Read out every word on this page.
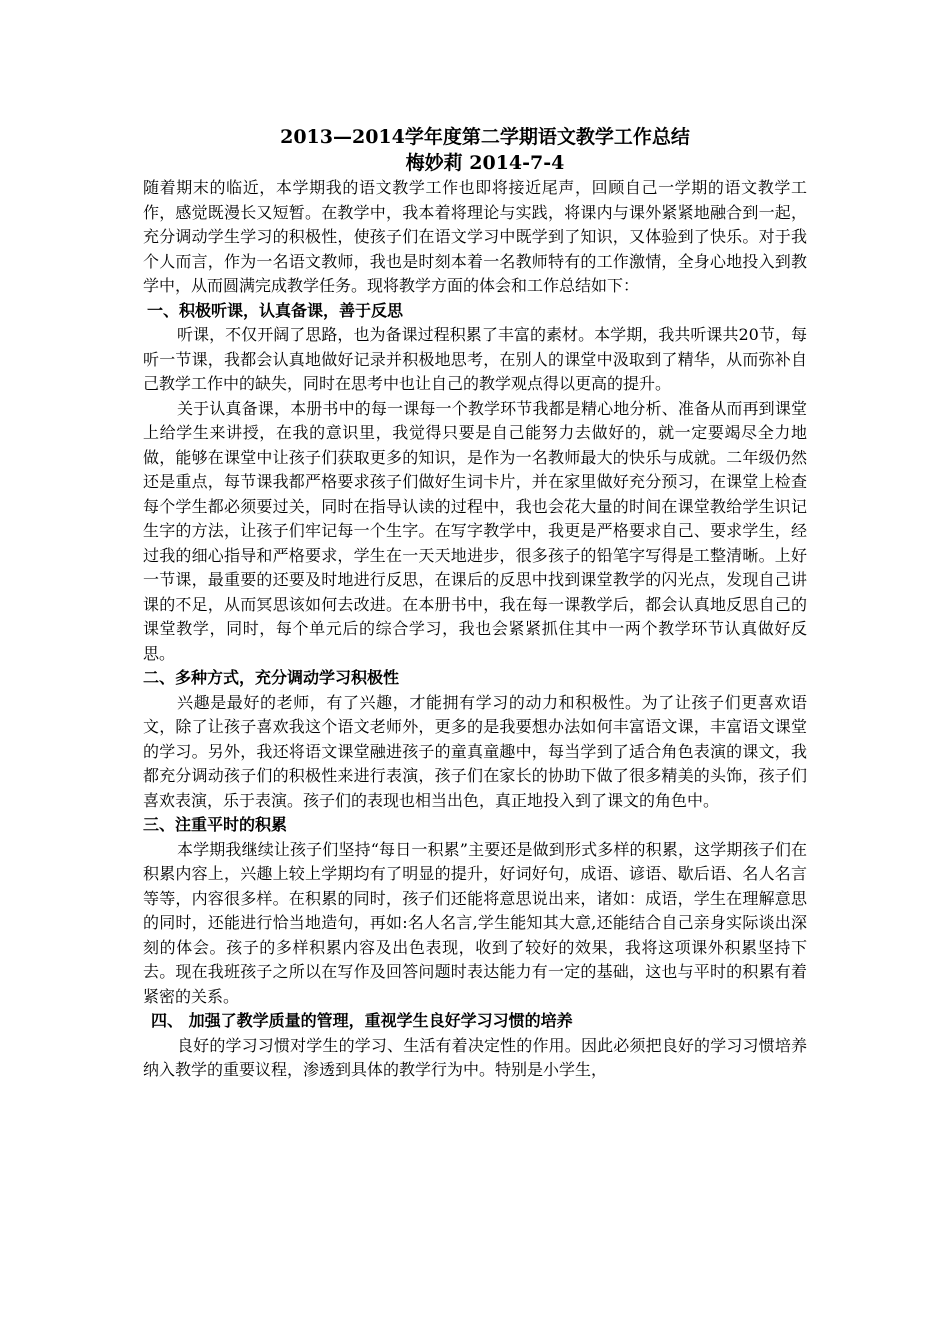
2013—2014学年度第二学期语文教学工作总结

梅妙莉 2014-7-4

随着期末的临近，本学期我的语文教学工作也即将接近尾声，回顾自己一学期的语文教学工作，感觉既漫长又短暂。在教学中，我本着将理论与实践，将课内与课外紧紧地融合到一起，充分调动学生学习的积极性，使孩子们在语文学习中既学到了知识，又体验到了快乐。对于我个人而言，作为一名语文教师，我也是时刻本着一名教师特有的工作激情，全身心地投入到教学中，从而圆满完成教学任务。现将教学方面的体会和工作总结如下：

一、积极听课，认真备课，善于反思

听课，不仅开阔了思路，也为备课过程积累了丰富的素材。本学期，我共听课共20节，每听一节课，我都会认真地做好记录并积极地思考，在别人的课堂中汲取到了精华，从而弥补自己教学工作中的缺失，同时在思考中也让自己的教学观点得以更高的提升。

关于认真备课，本册书中的每一课每一个教学环节我都是精心地分析、准备从而再到课堂上给学生来讲授，在我的意识里，我觉得只要是自己能努力去做好的，就一定要竭尽全力地做，能够在课堂中让孩子们获取更多的知识，是作为一名教师最大的快乐与成就。二年级仍然还是重点，每节课我都严格要求孩子们做好生词卡片，并在家里做好充分预习，在课堂上检查每个学生都必须要过关，同时在指导认读的过程中，我也会花大量的时间在课堂教给学生识记生字的方法，让孩子们牢记每一个生字。在写字教学中，我更是严格要求自己、要求学生，经过我的细心指导和严格要求，学生在一天天地进步，很多孩子的铅笔字写得是工整清晰。上好一节课，最重要的还要及时地进行反思，在课后的反思中找到课堂教学的闪光点，发现自己讲课的不足，从而冥思该如何去改进。在本册书中，我在每一课教学后，都会认真地反思自己的课堂教学，同时，每个单元后的综合学习，我也会紧紧抓住其中一两个教学环节认真做好反思。

二、多种方式，充分调动学习积极性

兴趣是最好的老师，有了兴趣，才能拥有学习的动力和积极性。为了让孩子们更喜欢语文，除了让孩子喜欢我这个语文老师外，更多的是我要想办法如何丰富语文课，丰富语文课堂的学习。另外，我还将语文课堂融进孩子的童真童趣中，每当学到了适合角色表演的课文，我都充分调动孩子们的积极性来进行表演，孩子们在家长的协助下做了很多精美的头饰，孩子们喜欢表演，乐于表演。孩子们的表现也相当出色，真正地投入到了课文的角色中。

三、注重平时的积累

本学期我继续让孩子们坚持“每日一积累”主要还是做到形式多样的积累，这学期孩子们在积累内容上，兴趣上较上学期均有了明显的提升，好词好句，成语、谚语、歇后语、名人名言等等，内容很多样。在积累的同时，孩子们还能将意思说出来，诸如：成语，学生在理解意思的同时，还能进行恰当地造句，再如:名人名言,学生能知其大意,还能结合自己亲身实际谈出深刻的体会。孩子的多样积累内容及出色表现，收到了较好的效果，我将这项课外积累坚持下去。现在我班孩子之所以在写作及回答问题时表达能力有一定的基础，这也与平时的积累有着紧密的关系。

四、 加强了教学质量的管理，重视学生良好学习习惯的培养

良好的学习习惯对学生的学习、生活有着决定性的作用。因此必须把良好的学习习惯培养纳入教学的重要议程，渗透到具体的教学行为中。特别是小学生，
